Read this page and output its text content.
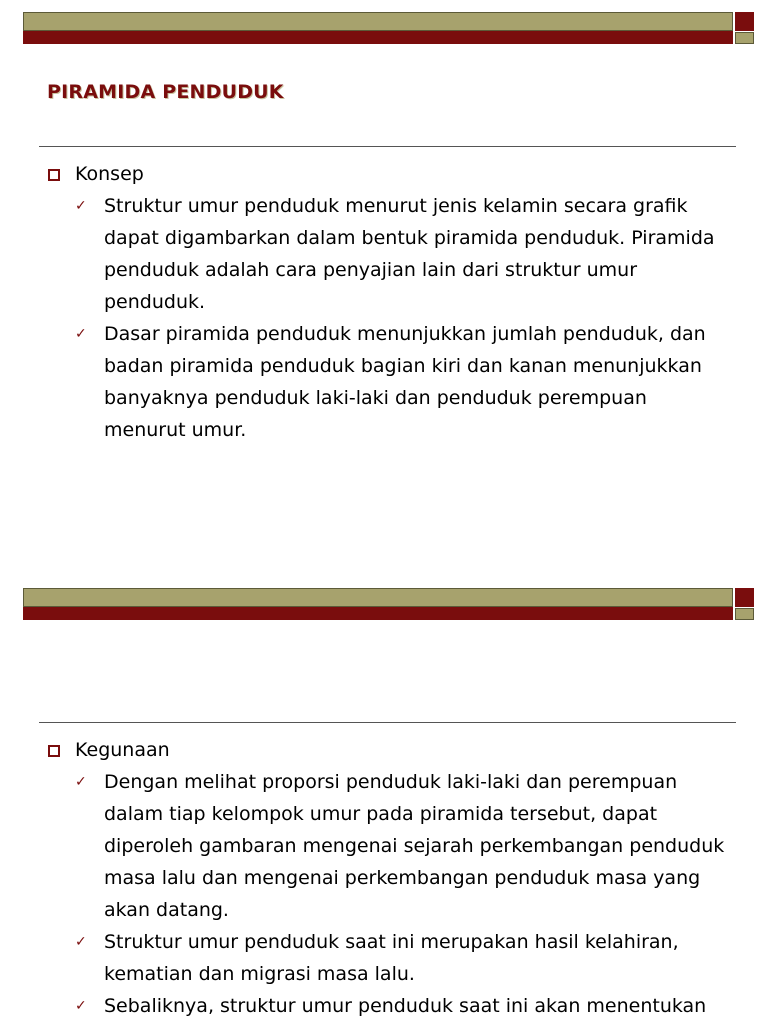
PIRAMIDA PENDUDUK
Konsep
✓ Struktur umur penduduk menurut jenis kelamin secara grafik dapat digambarkan dalam bentuk piramida penduduk. Piramida penduduk adalah cara penyajian lain dari struktur umur penduduk.
✓ Dasar piramida penduduk menunjukkan jumlah penduduk, dan badan piramida penduduk bagian kiri dan kanan menunjukkan banyaknya penduduk laki-laki dan penduduk perempuan menurut umur.
Kegunaan
✓ Dengan melihat proporsi penduduk laki-laki dan perempuan dalam tiap kelompok umur pada piramida tersebut, dapat diperoleh gambaran mengenai sejarah perkembangan penduduk masa lalu dan mengenai perkembangan penduduk masa yang akan datang.
✓ Struktur umur penduduk saat ini merupakan hasil kelahiran, kematian dan migrasi masa lalu.
✓ Sebaliknya, struktur umur penduduk saat ini akan menentukan
